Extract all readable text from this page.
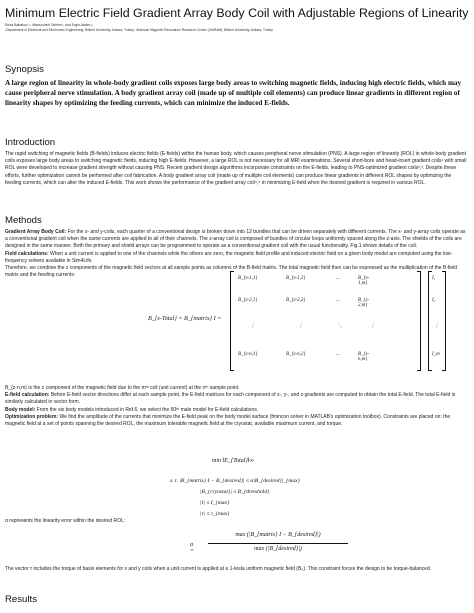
Minimum Electric Field Gradient Array Body Coil with Adjustable Regions of Linearity
Reza Babaloo¹,², Mansoureh Takrimi³, and Ergin Atalar¹,²
¹Department of Electrical and Electronics Engineering, Bilkent University, Ankara, Turkey; ²National Magnetic Resonance Research Center (UMRAM), Bilkent University, Ankara, Turkey
Synopsis
A large region of linearity in whole-body gradient coils exposes large body areas to switching magnetic fields, inducing high electric fields, which may cause peripheral nerve stimulation. A body gradient array coil (made up of multiple coil elements) can produce linear gradients in different region of linearity shapes by optimizing the feeding currents, which can minimize the induced E-fields.
Introduction
The rapid switching of magnetic fields (B-fields) induces electric fields (E-fields) within the human body, which causes peripheral nerve stimulation (PNS). A large region of linearity (ROL) in whole-body gradient coils exposes large body areas to switching magnetic fields, inducing high E-fields. However, a large ROL is not necessary for all MRI examinations. Several short-bore and head-insert gradient coils¹ with small ROL were developed to increase gradient strength without causing PNS. Recent gradient design algorithms incorporate constraints on the E-fields, leading to PNS-optimized gradient coils²,³. Despite these efforts, further optimization cannot be performed after coil fabrication. A body gradient array coil (made up of multiple coil elements) can produce linear gradients in different ROL shapes by optimizing the feeding currents, which can alter the induced E-fields. This work shows the performance of the gradient array coil⁴,⁵ in minimizing E-field when the desired gradient is required in various ROL.
Methods

Gradient Array Body Coil: For the x- and y-coils, each quarter of a conventional design is broken down into 12 bundles that can be driven separately with different currents. The x- and y-array coils operate as a conventional gradient coil when the same currents are applied to all of their channels. The z-array coil is composed of bundles of circular loops uniformly spaced along the z-axis. The shields of the coils are designed in the same manner. Both the primary and shield arrays can be programmed to operate as a conventional gradient coil with the usual functionality. Fig.1 shows details of the coil.

Field calculations: When a unit current is applied to one of the channels while the others are zero, the magnetic field profile and induced electric field on a given body model are computed using the low-frequency solvers available in Sim4Life.

Therefore, we combine the z components of the magnetic field vectors at all sample points as columns of the B-field matrix. The total magnetic field then can be expressed as the multiplication of the B-field matrix and the feeding currents:

B_{z-Total} = B_{matrix} I =
B_{z-1,1}	B_{z-1,2}	⋯	B_{z-1,m}
B_{z-2,1}	B_{z-2,2}	⋯	B_{z-2,m}
⋮	⋮	⋱	⋮
B_{z-n,1}	B_{z-n,2}	⋯	B_{z-n,m}
I₁
I₂
⋮
I_m

B_{z-n,m} is the z component of the magnetic field due to the mᵗʰ coil (unit current) at the nᵗʰ sample point.

E-field calculation: Before E-field vector directions differ at each sample point, the E-field matrices for each component of x-, y-, and z-gradients are computed to obtain the total E-field. The total E-field is similarly calculated in vector form.

Body model: From the six body models introduced in Ref.6, we select the 50ᵗʰ male model for E-field calculations.

Optimization problem: We find the amplitude of the currents that minimize the E-field peak on the body model surface (fmincon solver in MATLAB's optimization toolbox). Constraints are placed on: the magnetic field at a set of points spanning the desired ROL, the maximum tolerable magnetic field at the cryostat, available maximum current, and torque.

min ‖E_{Total}‖∞
s. t. |B_{matrix} I − B_{desired}| ≤ α|B_{desired}|_{max}
|B_{cryostat}| ≤ B_{threshold}
|I| ≤ I_{max}
|τ| ≤ τ_{max}
α represents the linearity error within the desired ROL:
α =
max (|B_{matrix} I − B_{desired}|)
max (|B_{desired}|)
The vector τ includes the torque of basis elements for x and y coils when a unit current is applied at a 1-tesla uniform magnetic field (B₀). This constraint forces the design to be torque-balanced.
Results
